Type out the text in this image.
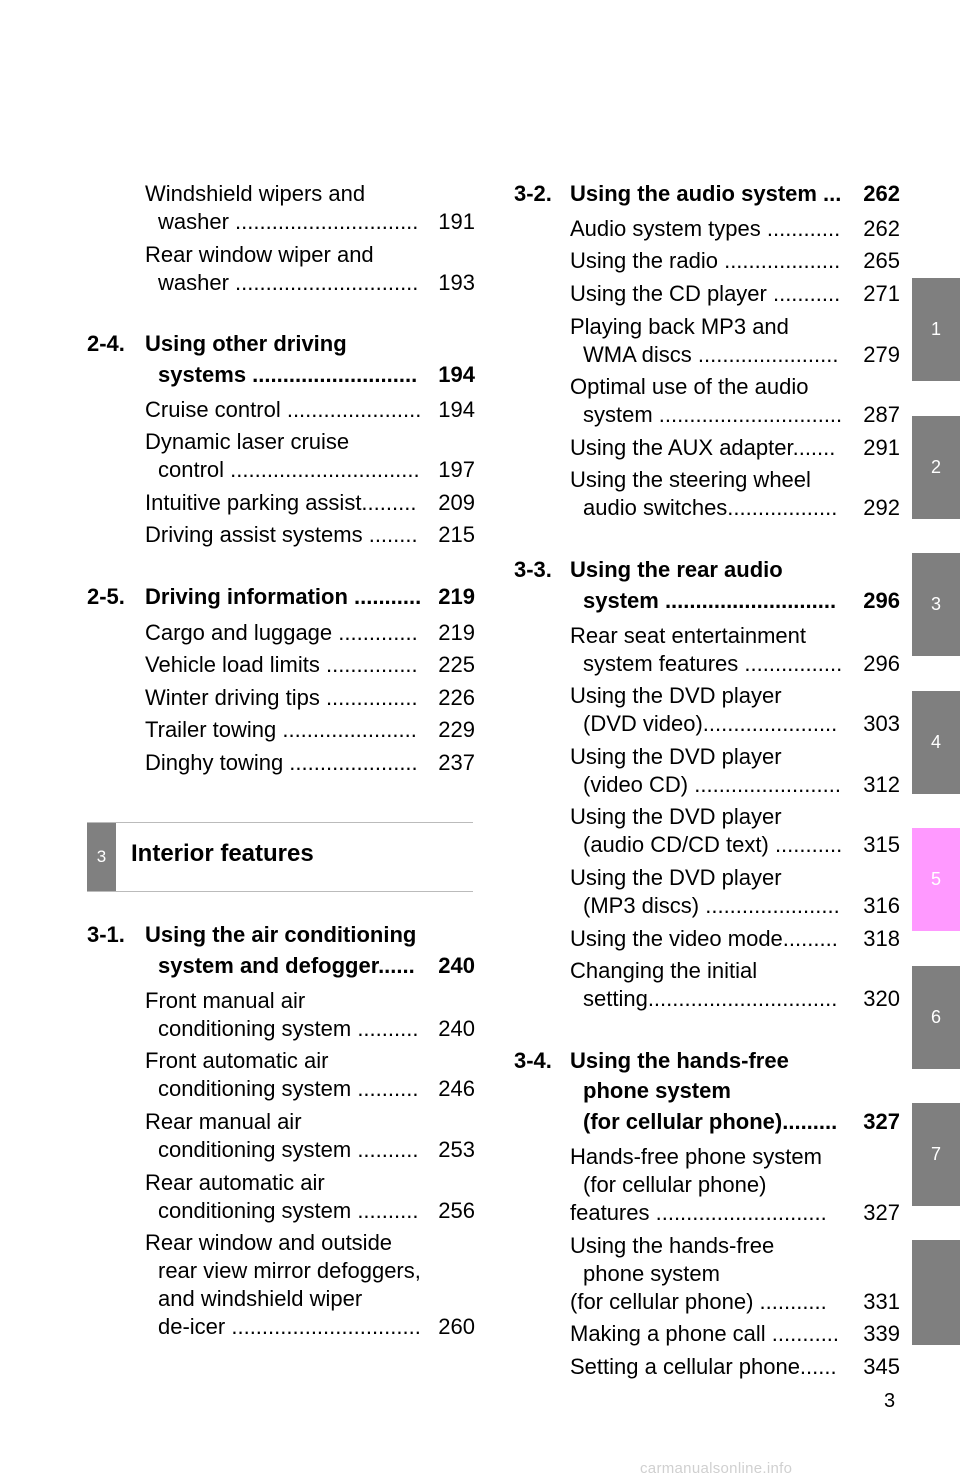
1
2
3
4
5
6
7
Windshield wipers and
washer .............................. 191
Rear window wiper and
washer .............................. 193
2-4. Using other driving
systems ........................... 194
Cruise control ...................... 194
Dynamic laser cruise
control ............................... 197
Intuitive parking assist......... 209
Driving assist systems ........ 215
2-5. Driving information ........... 219
Cargo and luggage ............. 219
Vehicle load limits ............... 225
Winter driving tips ............... 226
Trailer towing ...................... 229
Dinghy towing ..................... 237
3	Interior features
3-1. Using the air conditioning
system and defogger...... 240
Front manual air
conditioning system .......... 240
Front automatic air
conditioning system .......... 246
Rear manual air
conditioning system .......... 253
Rear automatic air
conditioning system .......... 256
Rear window and outside
rear view mirror defoggers,
and windshield wiper
de-icer ............................... 260
3-2. Using the audio system ... 262
Audio system types ............ 262
Using the radio ................... 265
Using the CD player ........... 271
Playing back MP3 and
WMA discs ....................... 279
Optimal use of the audio
system .............................. 287
Using the AUX adapter....... 291
Using the steering wheel
audio switches.................. 292
3-3. Using the rear audio
system ............................ 296
Rear seat entertainment
system features ................ 296
Using the DVD player
(DVD video)...................... 303
Using the DVD player
(video CD) ........................ 312
Using the DVD player
(audio CD/CD text) ........... 315
Using the DVD player
(MP3 discs) ...................... 316
Using the video mode......... 318
Changing the initial
setting............................... 320
3-4. Using the hands-free
phone system
(for cellular phone)......... 327
Hands-free phone system
(for cellular phone)
features ............................ 327
Using the hands-free
phone system
(for cellular phone) ........... 331
Making a phone call ........... 339
Setting a cellular phone...... 345
3
carmanualsonline.info
